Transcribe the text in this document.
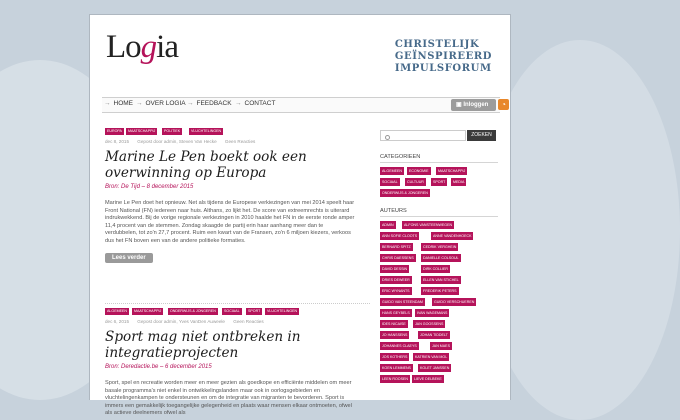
Logia	CHRISTELIJK
GEÏNSPIREERD
IMPULSFORUM
→ HOME → OVER LOGIA → FEEDBACK → CONTACT	▣ Inloggen	◔
EUROPA	MAATSCHAPPIJ	POLITIEK	VLUCHTELINGEN
dec 8, 2015 Gepost door admin, Steven Van Hecke Geen Reacties
Marine Le Pen boekt ook een overwinning op Europa
Bron: De Tijd – 8 december 2015
Marine Le Pen doet het opnieuw. Net als tijdens de Europese verkiezingen van mei 2014 speelt haar Front National (FN) iedereen naar huis. Althans, zo lijkt het. De score van extreemrechts is uiterard indrukwekkend. Bij de vorige regionale verkiezingen in 2010 haalde het FN in de eerste ronde amper 11,4 procent van de stemmen. Zondag skaagde de partij erin haar aanhang meer dan te verdubbelen, tot zo'n 27,7 procent. Ruim een kwart van de Fransen, zo'n 6 miljoen kiezers, verkoos dus het FN boven een van de andere politieke formaties.
Lees verder
ALGEMEEN	MAATSCHAPPIJ	ONDERWIJS & JONGEREN	SOCIAAL	SPORT	VLUCHTELINGEN
dec 6, 2015 Gepost door admin, Yves VanDen Auweele Geen Reacties
Sport mag niet ontbreken in integratieprojecten
Bron: Deredactie.be – 6 december 2015
Sport, spel en recreatie worden meer en meer gezien als goedkope en efficiënte middelen om meer basale programma's niet enkel in ontwikkelingslanden maar ook in oorlogsgebieden en vluchtelingenkampen te ondersteunen en om de integratie van migranten te bevorderen. Sport is immers een gemakkelijk toegangelijke gelegenheid en plaats waar mensen elkaar ontmoeten, ofwel als actieve deelnemers ofwel als
ZOEKEN
CATEGORIEEN
ALGEMEEN	ECONOMIE	MAATSCHAPPIJ
SOCIAAL	CULTUUR	SPORT	MEDIA
ONDERWIJS & JONGEREN
AUTEURS
ADMIN	ALFONS VANSTEENWEGEN
ANN SOFIE CLOOTS	ANNE VANDENHOECK
BERNARD SPITZ	CEDRIK VERGHEIN
CHRIS DAESSENS	DANIELLE COLSOUL
DAVID DESSIN	DIRK COLLIER
DRIES DEWEER	ELLEN VAN STICHEL
ERIC WYNANTS	FREDERIK PETERS
GUIDO VAN STEENDAM	GUIDO VERSCHUEREN
HANS GEYBELS	IVAN WAGEMANS
IDES NICAISE	JAN GOOSSENS
JO HANSSENS	JOHAN TIDDELT
JOHANNES CLAEYS	JAN MAES
JOS KOTHERS	KATRIEN VAN MOL
KOEN LEMMENS	KOLET JANSSEN
LEEN ROOSEN	LIEVE DELBEKE
